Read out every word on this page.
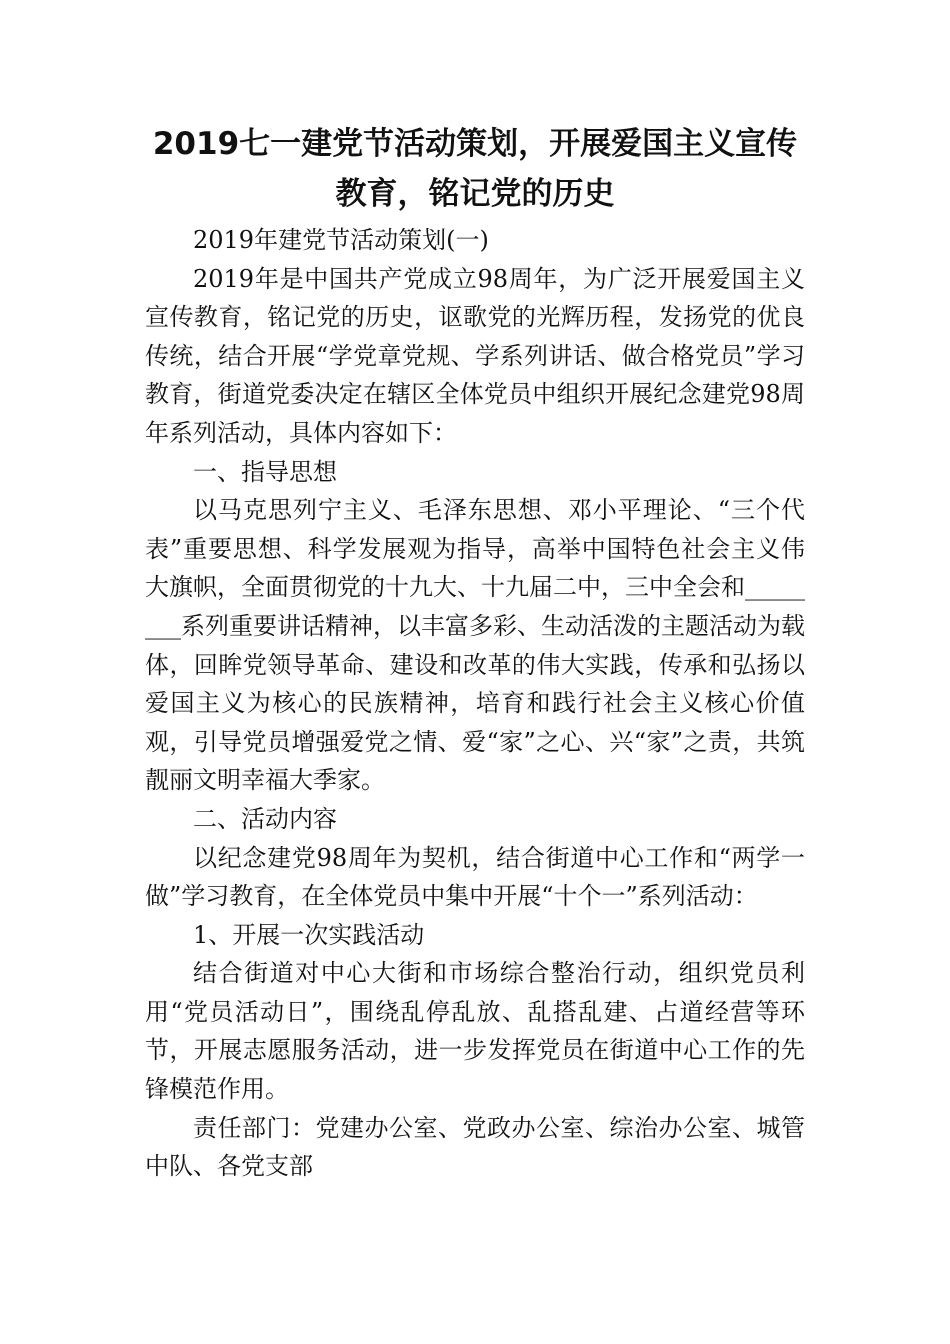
2019七一建党节活动策划，开展爱国主义宣传教育，铭记党的历史

2019年建党节活动策划(一)

2019年是中国共产党成立98周年，为广泛开展爱国主义宣传教育，铭记党的历史，讴歌党的光辉历程，发扬党的优良传统，结合开展“学党章党规、学系列讲话、做合格党员”学习教育，街道党委决定在辖区全体党员中组织开展纪念建党98周年系列活动，具体内容如下：

一、指导思想

以马克思列宁主义、毛泽东思想、邓小平理论、“三个代表”重要思想、科学发展观为指导，高举中国特色社会主义伟大旗帜，全面贯彻党的十九大、十九届二中，三中全会和________系列重要讲话精神，以丰富多彩、生动活泼的主题活动为载体，回眸党领导革命、建设和改革的伟大实践，传承和弘扬以爱国主义为核心的民族精神，培育和践行社会主义核心价值观，引导党员增强爱党之情、爱“家”之心、兴“家”之责，共筑靓丽文明幸福大季家。

二、活动内容

以纪念建党98周年为契机，结合街道中心工作和“两学一做”学习教育，在全体党员中集中开展“十个一”系列活动：

1、开展一次实践活动

结合街道对中心大街和市场综合整治行动，组织党员利用“党员活动日”，围绕乱停乱放、乱搭乱建、占道经营等环节，开展志愿服务活动，进一步发挥党员在街道中心工作的先锋模范作用。

责任部门：党建办公室、党政办公室、综治办公室、城管中队、各党支部
